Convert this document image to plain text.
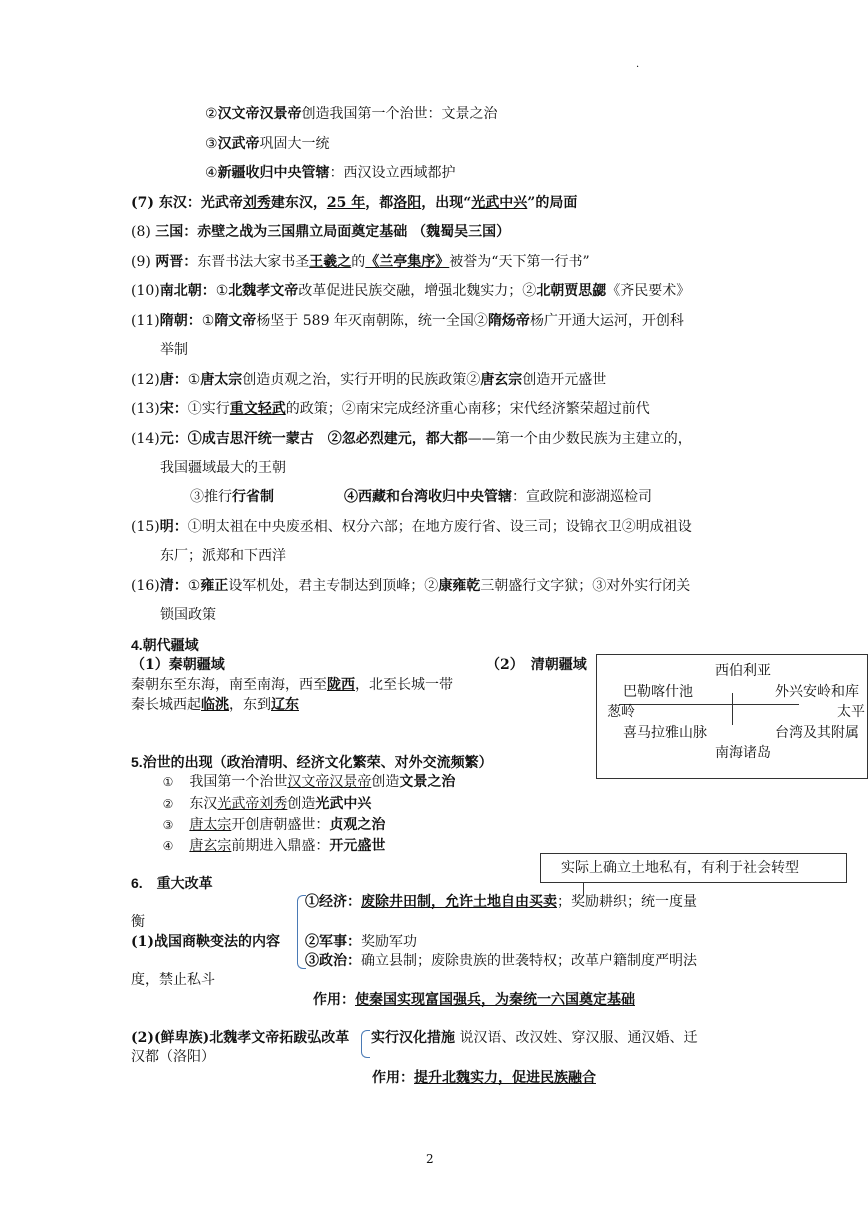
·
②汉文帝汉景帝创造我国第一个治世：文景之治
③汉武帝巩固大一统
④新疆收归中央管辖：西汉设立西域都护
(7) 东汉：光武帝刘秀建东汉，25 年，都洛阳，出现“光武中兴”的局面
(8) 三国：赤壁之战为三国鼎立局面奠定基础 （魏蜀吴三国）
(9) 两晋：东晋书法大家书圣王羲之的《兰亭集序》被誉为“天下第一行书”
(10)南北朝：①北魏孝文帝改革促进民族交融，增强北魏实力；②北朝贾思勰《齐民要术》
(11)隋朝：①隋文帝杨坚于 589 年灭南朝陈，统一全国②隋炀帝杨广开通大运河，开创科
举制
(12)唐：①唐太宗创造贞观之治，实行开明的民族政策②唐玄宗创造开元盛世
(13)宋：①实行重文轻武的政策；②南宋完成经济重心南移；宋代经济繁荣超过前代
(14)元：①成吉思汗统一蒙古　②忽必烈建元，都大都——第一个由少数民族为主建立的，
我国疆域最大的王朝
③推行行省制　　　　　	④西藏和台湾收归中央管辖：宣政院和澎湖巡检司
(15)明：①明太祖在中央废丞相、权分六部；在地方废行省、设三司；设锦衣卫②明成祖设
东厂；派郑和下西洋
(16)清：①雍正设军机处，君主专制达到顶峰；②康雍乾三朝盛行文字狱；③对外实行闭关
锁国政策
4.朝代疆域
（1）秦朝疆域	（2）　清朝疆域
秦朝东至东海，南至南海，西至陇西，北至长城一带
秦长城西起临洮，东到辽东
西伯利亚
巴勒喀什池	外兴安岭和库
葱岭	太平
喜马拉雅山脉	台湾及其附属
南海诸岛
5.治世的出现（政治清明、经济文化繁荣、对外交流频繁）
① 我国第一个治世汉文帝汉景帝创造文景之治
② 东汉光武帝刘秀创造光武中兴
③ 唐太宗开创唐朝盛世：贞观之治
④ 唐玄宗前期进入鼎盛：开元盛世
6.　重大改革
实际上确立土地私有，有利于社会转型
①经济：废除井田制，允许土地自由买卖；奖励耕织；统一度量
衡
(1)战国商鞅变法的内容 ②军事：奖励军功
③政治：确立县制；废除贵族的世袭特权；改革户籍制度严明法
度，禁止私斗
作用：使秦国实现富国强兵，为秦统一六国奠定基础
(2)(鲜卑族)北魏孝文帝拓跋弘改革 实行汉化措施 说汉语、改汉姓、穿汉服、通汉婚、迁
汉都（洛阳）
作用：提升北魏实力，促进民族融合
2
